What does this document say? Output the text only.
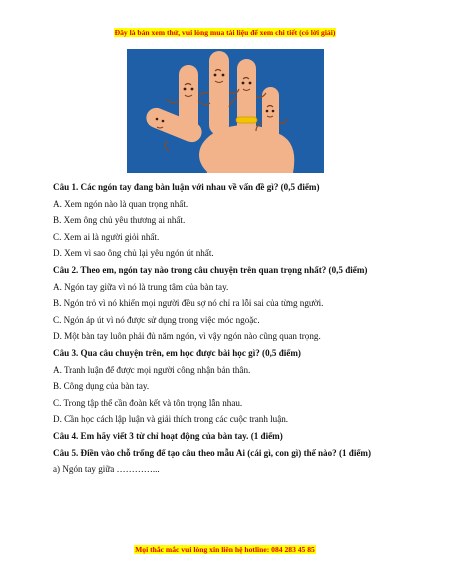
Đây là bản xem thử, vui lòng mua tài liệu để xem chi tiết (có lời giải)
Câu 1. Các ngón tay đang bàn luận với nhau về vấn đề gì? (0,5 điểm)
A. Xem ngón nào là quan trọng nhất.
B. Xem ông chủ yêu thương ai nhất.
C. Xem ai là người giỏi nhất.
D. Xem vì sao ông chủ lại yêu ngón út nhất.
Câu 2. Theo em, ngón tay nào trong câu chuyện trên quan trọng nhất? (0,5 điểm)
A. Ngón tay giữa vì nó là trung tâm của bàn tay.
B. Ngón trỏ vì nó khiến mọi người đều sợ nó chỉ ra lỗi sai của từng người.
C. Ngón áp út vì nó được sử dụng trong việc móc ngoặc.
D. Một bàn tay luôn phải đủ năm ngón, vì vậy ngón nào cũng quan trọng.
Câu 3. Qua câu chuyện trên, em học được bài học gì? (0,5 điểm)
A. Tranh luận để được mọi người công nhận bản thân.
B. Công dụng của bàn tay.
C. Trong tập thể cần đoàn kết và tôn trọng lẫn nhau.
D. Cần học cách lập luận và giải thích trong các cuộc tranh luận.
Câu 4. Em hãy viết 3 từ chỉ hoạt động của bàn tay. (1 điểm)
Câu 5. Điền vào chỗ trống để tạo câu theo mẫu Ai (cái gì, con gì) thế nào? (1 điểm)
a) Ngón tay giữa …………...
Mọi thắc mắc vui lòng xin liên hệ hotline: 084 283 45 85
